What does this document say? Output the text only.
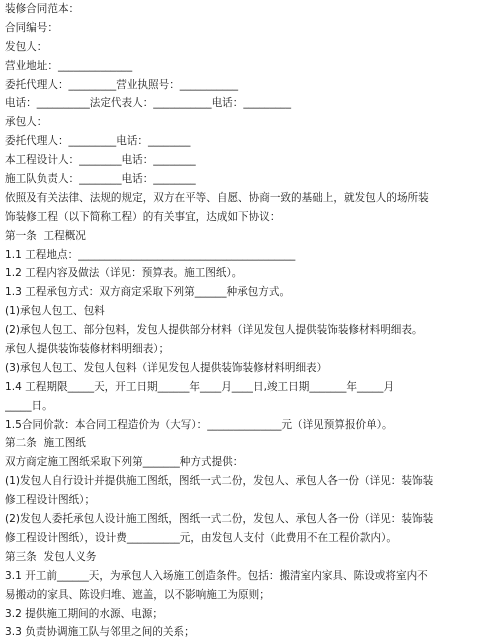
装修合同范本：
合同编号：
发包人：
营业地址：______________
委托代理人：_________营业执照号：___________
电话：__________法定代表人：___________电话：_________
承包人：
委托代理人：_________电话：________
本工程设计人：________电话：________
施工队负责人：________电话：________
依照及有关法律、法规的规定，双方在平等、自愿、协商一致的基础上，就发包人的场所装
饰装修工程（以下简称工程）的有关事宜，达成如下协议：
第一条  工程概况
1.1 工程地点：_________________________________________
1.2 工程内容及做法（详见：预算表。施工图纸）。
1.3 工程承包方式：双方商定采取下列第______种承包方式。
(1)承包人包工、包料
(2)承包人包工、部分包料，发包人提供部分材料（详见发包人提供装饰装修材料明细表。
承包人提供装饰装修材料明细表）；
(3)承包人包工、发包人包料（详见发包人提供装饰装修材料明细表）
1.4 工程期限_____天，开工日期______年____月____日,竣工日期_______年_____月
_____日。
1.5合同价款：本合同工程造价为（大写）：______________元（详见预算报价单）。
第二条  施工图纸
双方商定施工图纸采取下列第_______种方式提供：
(1)发包人自行设计并提供施工图纸，图纸一式二份，发包人、承包人各一份（详见：装饰装
修工程设计图纸）；
(2)发包人委托承包人设计施工图纸，图纸一式二份，发包人、承包人各一份（详见：装饰装
修工程设计图纸），设计费__________元，由发包人支付（此费用不在工程价款内）。
第三条  发包人义务
3.1 开工前______天，为承包人入场施工创造条件。包括：搬清室内家具、陈设或将室内不
易搬动的家具、陈设归堆、遮盖，以不影响施工为原则；
3.2 提供施工期间的水源、电源；
3.3 负责协调施工队与邻里之间的关系；
